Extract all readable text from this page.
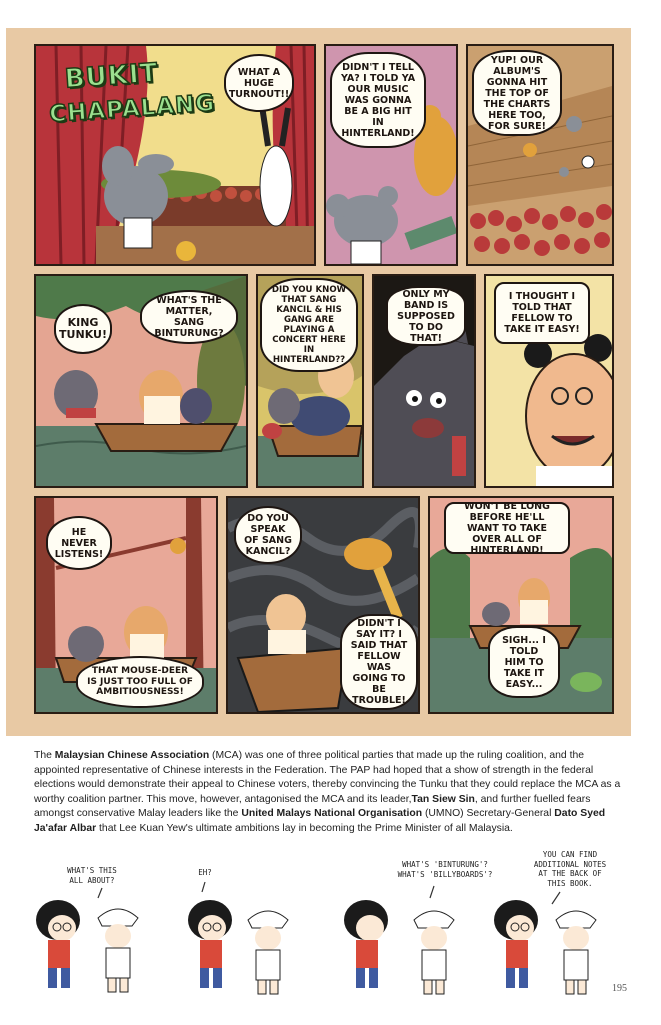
BUKIT
CHAPALANG
WHAT A HUGE TURNOUT!!
DIDN'T I TELL YA? I TOLD YA OUR MUSIC WAS GONNA BE A BIG HIT IN HINTERLAND!
YUP! OUR ALBUM'S GONNA HIT THE TOP OF THE CHARTS HERE TOO, FOR SURE!
KING TUNKU!
WHAT'S THE MATTER, SANG BINTURUNG?
DID YOU KNOW THAT SANG KANCIL & HIS GANG ARE PLAYING A CONCERT HERE IN HINTERLAND??
ONLY MY BAND IS SUPPOSED TO DO THAT!
I THOUGHT I TOLD THAT FELLOW TO TAKE IT EASY!
HE NEVER LISTENS!
THAT MOUSE-DEER IS JUST TOO FULL OF AMBITIOUSNESS!
DO YOU SPEAK OF SANG KANCIL?
DIDN'T I SAY IT? I SAID THAT FELLOW WAS GOING TO BE TROUBLE!
WON'T BE LONG BEFORE HE'LL WANT TO TAKE OVER ALL OF HINTERLAND!
SIGH... I TOLD HIM TO TAKE IT EASY...
The Malaysian Chinese Association (MCA) was one of three political parties that made up the ruling coalition, and the appointed representative of Chinese interests in the Federation. The PAP had hoped that a show of strength in the federal elections would demonstrate their appeal to Chinese voters, thereby convincing the Tunku that they could replace the MCA as a worthy coalition partner. This move, however, antagonised the MCA and its leader,Tan Siew Sin, and further fuelled fears amongst conservative Malay leaders like the United Malays National Organisation (UMNO) Secretary-General Dato Syed Ja'afar Albar that Lee Kuan Yew's ultimate ambitions lay in becoming the Prime Minister of all Malaysia.
WHAT'S THIS ALL ABOUT?
EH?
WHAT'S 'BINTURUNG'? WHAT'S 'BILLYBOARDS'?
YOU CAN FIND ADDITIONAL NOTES AT THE BACK OF THIS BOOK.
195
